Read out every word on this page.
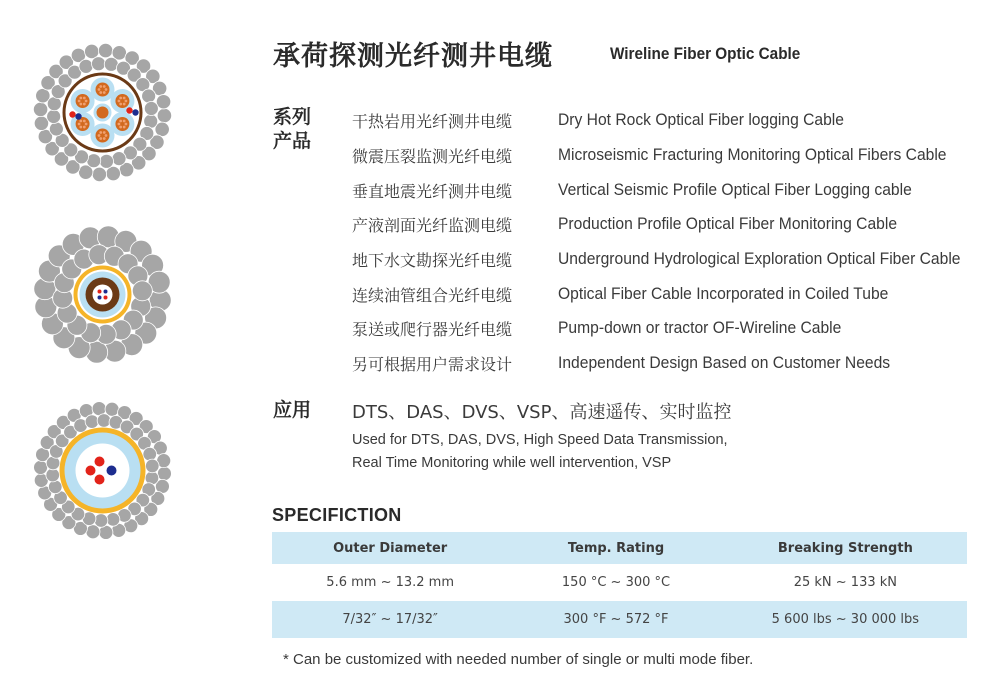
承荷探测光纤测井电缆	Wireline Fiber Optic Cable
系列
产品
干热岩用光纤测井电缆	Dry Hot Rock Optical Fiber logging Cable
微震压裂监测光纤电缆	Microseismic Fracturing Monitoring Optical Fibers Cable
垂直地震光纤测井电缆	Vertical Seismic Profile Optical Fiber Logging cable
产液剖面光纤监测电缆	Production Profile Optical Fiber Monitoring Cable
地下水文勘探光纤电缆	Underground Hydrological Exploration Optical Fiber Cable
连续油管组合光纤电缆	Optical Fiber Cable Incorporated in Coiled Tube
泵送或爬行器光纤电缆	Pump-down or tractor OF-Wireline Cable
另可根据用户需求设计	Independent Design Based on Customer Needs
应用 DTS、DAS、DVS、VSP、高速遥传、实时监控
Used for DTS, DAS, DVS, High Speed Data Transmission,
Real Time Monitoring while well intervention, VSP
SPECIFICTION
Outer Diameter	Temp. Rating	Breaking Strength
5.6 mm ~ 13.2 mm	150 °C ~ 300 °C	25 kN ~ 133 kN
7/32″ ~ 17/32″	300 °F ~ 572 °F	5 600 lbs ~ 30 000 lbs
* Can be customized with needed number of single or multi mode fiber.
